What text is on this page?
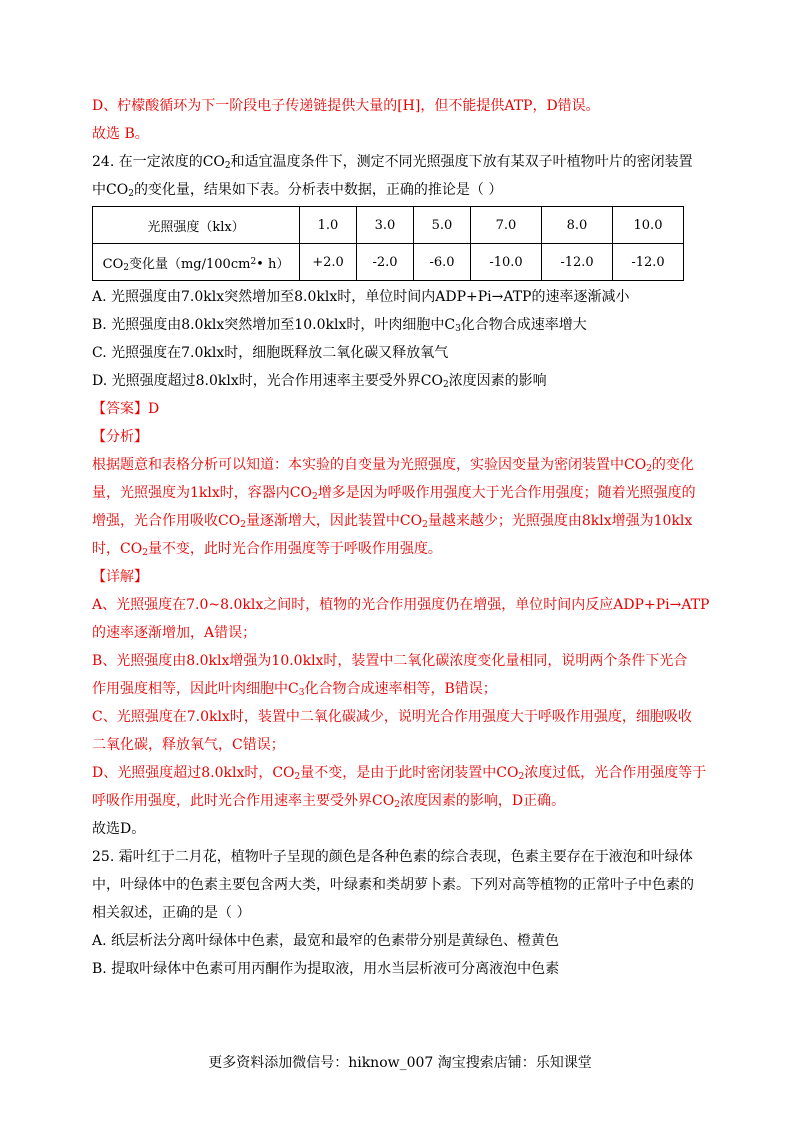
D、柠檬酸循环为下一阶段电子传递链提供大量的[H]，但不能提供ATP，D错误。
故选 B。
24. 在一定浓度的$CO_2$和适宜温度条件下，测定不同光照强度下放有某双子叶植物叶片的密闭装置
中$CO_2$的变化量，结果如下表。分析表中数据，正确的推论是（ ）
光照强度（klx）	1.0	3.0	5.0	7.0	8.0	10.0
$CO_2$变化量（$mg/100cm^2•$ h）	+2.0	-2.0	-6.0	-10.0	-12.0	-12.0
A. 光照强度由7.0klx突然增加至8.0klx时，单位时间内ADP+Pi→ATP的速率逐渐减小
B. 光照强度由8.0klx突然增加至10.0klx时，叶肉细胞中$C_3$化合物合成速率增大
C. 光照强度在7.0klx时，细胞既释放二氧化碳又释放氧气
D. 光照强度超过8.0klx时，光合作用速率主要受外界$CO_2$浓度因素的影响
【答案】D
【分析】
根据题意和表格分析可以知道：本实验的自变量为光照强度，实验因变量为密闭装置中$CO_2$的变化
量，光照强度为1klx时，容器内$CO_2$增多是因为呼吸作用强度大于光合作用强度；随着光照强度的
增强，光合作用吸收$CO_2$量逐渐增大，因此装置中$CO_2$量越来越少；光照强度由8klx增强为10klx
时，$CO_2$量不变，此时光合作用强度等于呼吸作用强度。
【详解】
A、光照强度在7.0~8.0klx之间时，植物的光合作用强度仍在增强，单位时间内反应ADP+Pi→ATP
的速率逐渐增加，A错误；
B、光照强度由8.0klx增强为10.0klx时，装置中二氧化碳浓度变化量相同，说明两个条件下光合
作用强度相等，因此叶肉细胞中$C_3$化合物合成速率相等，B错误；
C、光照强度在7.0klx时，装置中二氧化碳减少，说明光合作用强度大于呼吸作用强度，细胞吸收
二氧化碳，释放氧气，C错误；
D、光照强度超过8.0klx时，$CO_2$量不变，是由于此时密闭装置中$CO_2$浓度过低，光合作用强度等于
呼吸作用强度，此时光合作用速率主要受外界$CO_2$浓度因素的影响，D正确。
故选D。
25. 霜叶红于二月花，植物叶子呈现的颜色是各种色素的综合表现，色素主要存在于液泡和叶绿体
中，叶绿体中的色素主要包含两大类，叶绿素和类胡萝卜素。下列对高等植物的正常叶子中色素的
相关叙述，正确的是（ ）
A. 纸层析法分离叶绿体中色素，最宽和最窄的色素带分别是黄绿色、橙黄色
B. 提取叶绿体中色素可用丙酮作为提取液，用水当层析液可分离液泡中色素
更多资料添加微信号：hiknow_007 淘宝搜索店铺：乐知课堂
